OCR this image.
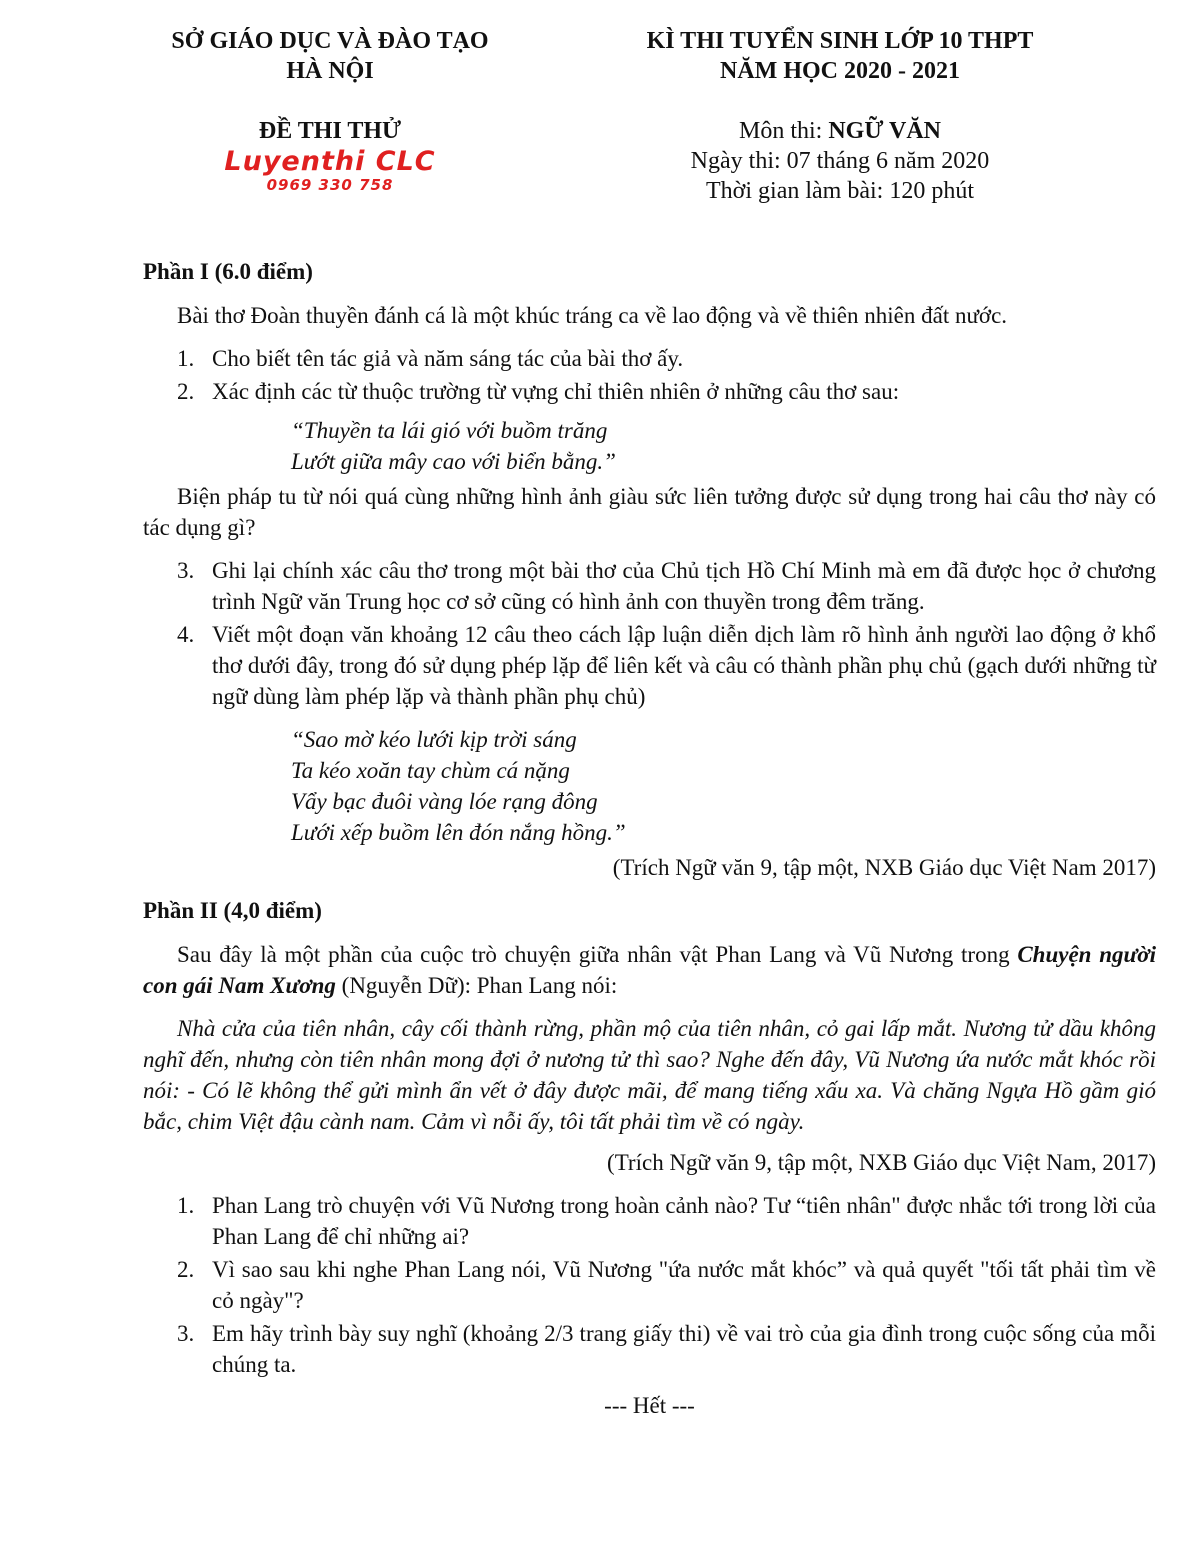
SỞ GIÁO DỤC VÀ ĐÀO TẠO

HÀ NỘI

ĐỀ THI THỬ

Luyenthi CLC
0969 330 758

KÌ THI TUYỂN SINH LỚP 10 THPT

NĂM HỌC 2020 - 2021

Môn thi: NGỮ VĂN

Ngày thi: 07 tháng 6 năm 2020

Thời gian làm bài: 120 phút

Phần I (6.0 điểm)

Bài thơ Đoàn thuyền đánh cá là một khúc tráng ca về lao động và về thiên nhiên đất nước.

1. Cho biết tên tác giả và năm sáng tác của bài thơ ấy.
2. Xác định các từ thuộc trường từ vựng chỉ thiên nhiên ở những câu thơ sau:
“Thuyền ta lái gió với buồm trăng
Lướt giữa mây cao với biển bằng.”

Biện pháp tu từ nói quá cùng những hình ảnh giàu sức liên tưởng được sử dụng trong hai câu thơ này có tác dụng gì?

3. Ghi lại chính xác câu thơ trong một bài thơ của Chủ tịch Hồ Chí Minh mà em đã được học ở chương trình Ngữ văn Trung học cơ sở cũng có hình ảnh con thuyền trong đêm trăng.
4. Viết một đoạn văn khoảng 12 câu theo cách lập luận diễn dịch làm rõ hình ảnh người lao động ở khổ thơ dưới đây, trong đó sử dụng phép lặp để liên kết và câu có thành phần phụ chủ (gạch dưới những từ ngữ dùng làm phép lặp và thành phần phụ chủ)
“Sao mờ kéo lưới kịp trời sáng
Ta kéo xoăn tay chùm cá nặng
Vẩy bạc đuôi vàng lóe rạng đông
Lưới xếp buồm lên đón nắng hồng.”

(Trích Ngữ văn 9, tập một, NXB Giáo dục Việt Nam 2017)

Phần II (4,0 điểm)

Sau đây là một phần của cuộc trò chuyện giữa nhân vật Phan Lang và Vũ Nương trong Chuyện người con gái Nam Xương (Nguyễn Dữ): Phan Lang nói:

Nhà cửa của tiên nhân, cây cối thành rừng, phần mộ của tiên nhân, cỏ gai lấp mắt. Nương tử dầu không nghĩ đến, nhưng còn tiên nhân mong đợi ở nương tử thì sao? Nghe đến đây, Vũ Nương ứa nước mắt khóc rồi nói: - Có lẽ không thể gửi mình ẩn vết ở đây được mãi, để mang tiếng xấu xa. Và chăng Ngựa Hồ gầm gió bắc, chim Việt đậu cành nam. Cảm vì nỗi ấy, tôi tất phải tìm về có ngày.

(Trích Ngữ văn 9, tập một, NXB Giáo dục Việt Nam, 2017)

1. Phan Lang trò chuyện với Vũ Nương trong hoàn cảnh nào? Tư “tiên nhân" được nhắc tới trong lời của Phan Lang để chỉ những ai?
2. Vì sao sau khi nghe Phan Lang nói, Vũ Nương "ứa nước mắt khóc” và quả quyết "tối tất phải tìm về cỏ ngày"?
3. Em hãy trình bày suy nghĩ (khoảng 2/3 trang giấy thi) về vai trò của gia đình trong cuộc sống của mỗi chúng ta.

--- Hết ---
